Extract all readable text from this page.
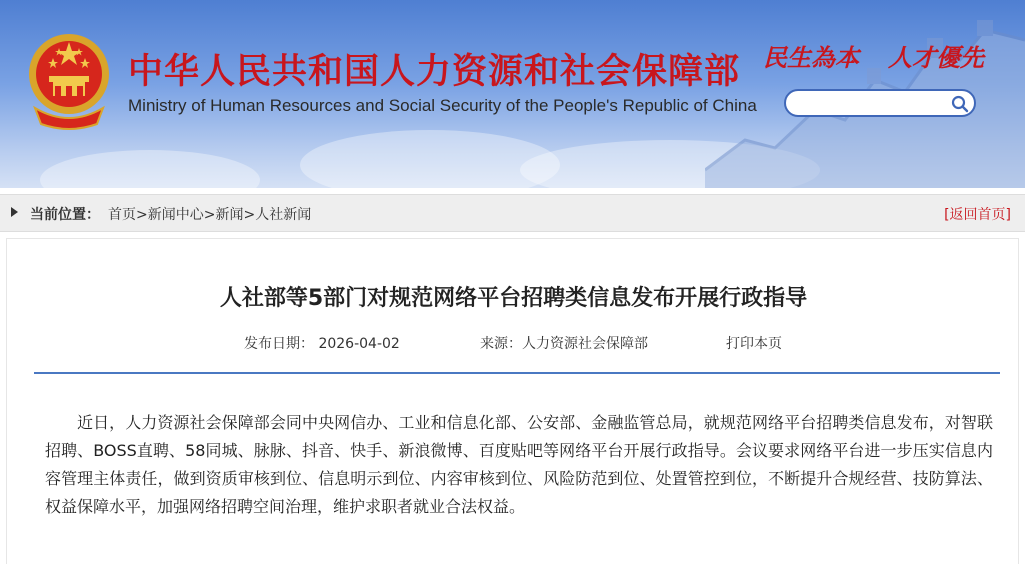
中华人民共和国人力资源和社会保障部

Ministry of Human Resources and Social Security of the People's Republic of China

民生為本 人才優先
当前位置： 首页>新闻中心>新闻>人社新闻	[返回首页]
人社部等5部门对规范网络平台招聘类信息发布开展行政指导
发布日期： 2026-04-02	来源：人力资源社会保障部	打印本页

近日，人力资源社会保障部会同中央网信办、工业和信息化部、公安部、金融监管总局，就规范网络平台招聘类信息发布，对智联招聘、BOSS直聘、58同城、脉脉、抖音、快手、新浪微博、百度贴吧等网络平台开展行政指导。会议要求网络平台进一步压实信息内容管理主体责任，做到资质审核到位、信息明示到位、内容审核到位、风险防范到位、处置管控到位，不断提升合规经营、技防算法、权益保障水平，加强网络招聘空间治理，维护求职者就业合法权益。
